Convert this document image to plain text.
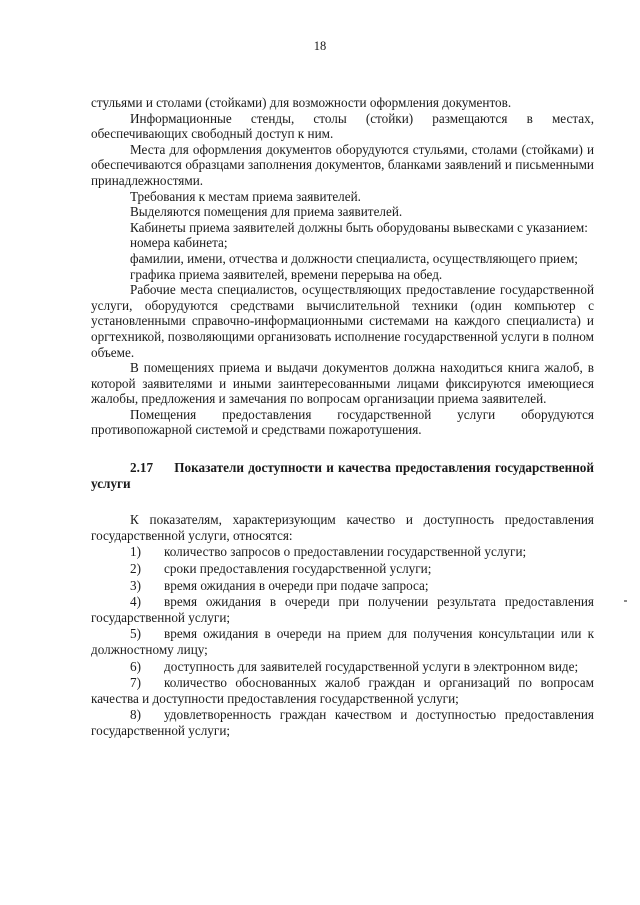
18

стульями и столами (стойками) для возможности оформления документов.

Информационные стенды, столы (стойки) размещаются в местах, обеспечивающих свободный доступ к ним.

Места для оформления документов оборудуются стульями, столами (стойками) и обеспечиваются образцами заполнения документов, бланками заявлений и письменными принадлежностями.

Требования к местам приема заявителей.

Выделяются помещения для приема заявителей.

Кабинеты приема заявителей должны быть оборудованы вывесками с указанием:

номера кабинета;

фамилии, имени, отчества и должности специалиста, осуществляющего прием;

графика приема заявителей, времени перерыва на обед.

Рабочие места специалистов, осуществляющих предоставление государственной услуги, оборудуются средствами вычислительной техники (один компьютер с установленными справочно-информационными системами на каждого специалиста) и оргтехникой, позволяющими организовать исполнение государственной услуги в полном объеме.

В помещениях приема и выдачи документов должна находиться книга жалоб, в которой заявителями и иными заинтересованными лицами фиксируются имеющиеся жалобы, предложения и замечания по вопросам организации приема заявителей.

Помещения предоставления государственной услуги оборудуются противопожарной системой и средствами пожаротушения.

2.17 Показатели доступности и качества предоставления государственной услуги

К показателям, характеризующим качество и доступность предоставления государственной услуги, относятся:

1) количество запросов о предоставлении государственной услуги;

2) сроки предоставления государственной услуги;

3) время ожидания в очереди при подаче запроса;

4) время ожидания в очереди при получении результата предоставления государственной услуги;

5) время ожидания в очереди на прием для получения консультации или к должностному лицу;

6) доступность для заявителей государственной услуги в электронном виде;

7) количество обоснованных жалоб граждан и организаций по вопросам качества и доступности предоставления государственной услуги;

8) удовлетворенность граждан качеством и доступностью предоставления государственной услуги;
